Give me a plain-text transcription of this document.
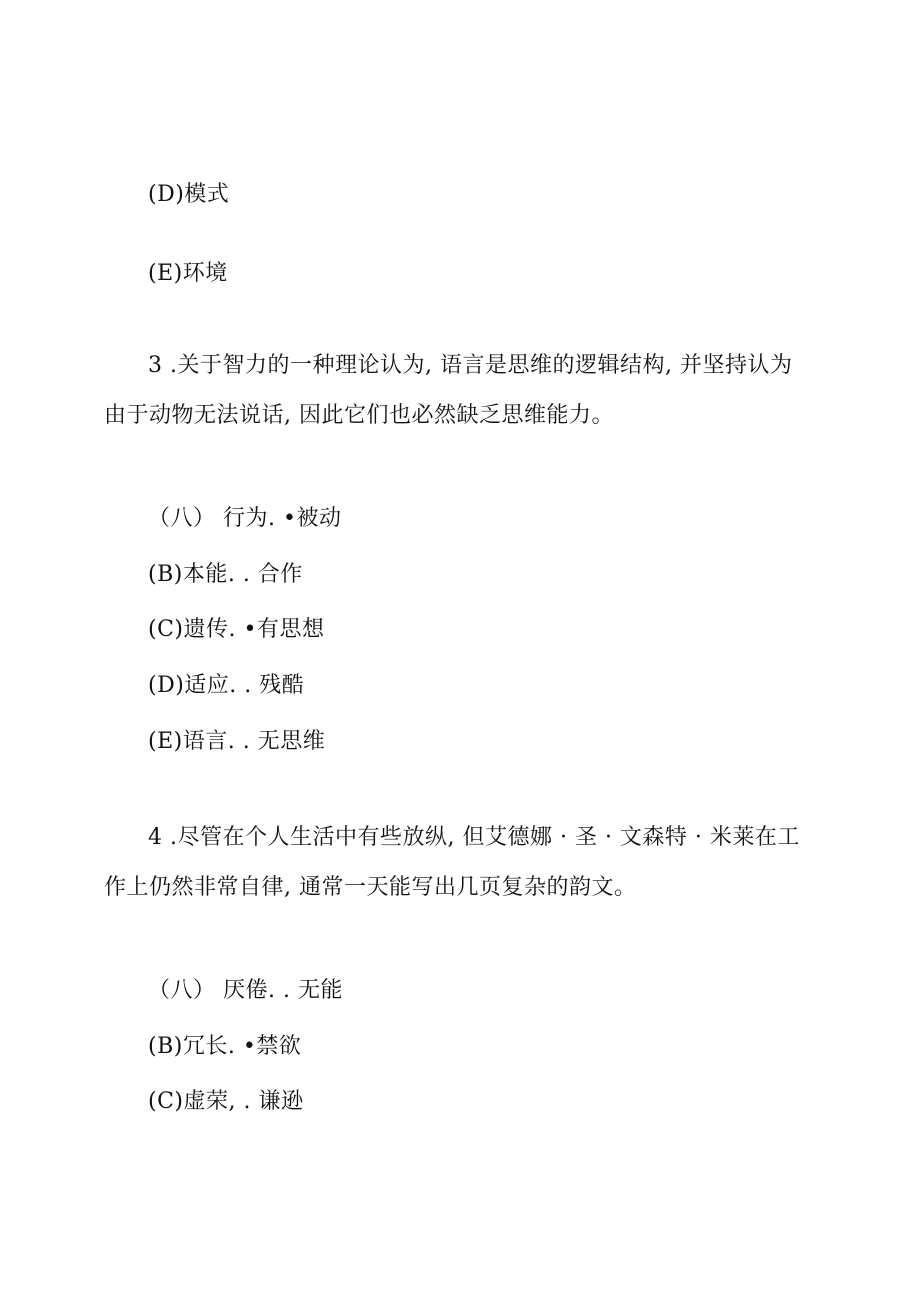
(D)模式
(E)环境
3 .关于智力的一种理论认为, 语言是思维的逻辑结构, 并坚持认为
由于动物无法说话, 因此它们也必然缺乏思维能力。
（八） 行为. •被动
(B)本能. . 合作
(C)遗传. •有思想
(D)适应. . 残酷
(E)语言. . 无思维
4 .尽管在个人生活中有些放纵, 但艾德娜 · 圣 · 文森特 · 米莱在工
作上仍然非常自律, 通常一天能写出几页复杂的韵文。
（八） 厌倦. . 无能
(B)冗长. •禁欲
(C)虚荣, . 谦逊
